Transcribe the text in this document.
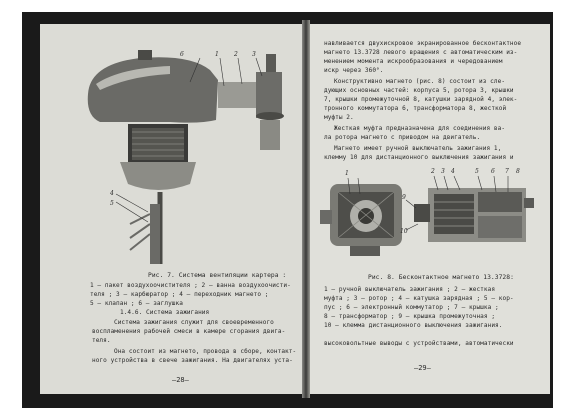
6	1	2 3
4
5
Рис. 7. Система вентиляции картера :
1 – пакет воздухоочистителя ; 2 – ванна воздухоочисти-
теля ; 3 – карбюратор ; 4 – переходник магнето ;
5 – клапан ; 6 – заглушка
1.4.6. Система зажигания
Система зажигания служит для своевременного
воспламенения рабочей смеси в камере сгорания двига-
теля.
Она состоит из магнето, провода в сборе, контакт-
ного устройства в свече зажигания. На двигателях уста-
–28–
навливается двухискровое экранированное бесконтактное
магнето 13.3728 левого вращения с автоматическим из-
менением момента искрообразования и чередованием
искр через 360°.
Конструктивно магнето (рис. 8) состоит из сле-
дующих основных частей: корпуса 5, ротора 3, крышки
7, крышки промежуточной 8, катушки зарядной 4, элек-
тронного коммутатора 6, трансформатора 8, жесткой
муфты 2.
Жесткая муфта предназначена для соединения ва-
ла ротора магнето с приводом на двигатель.
Магнето имеет ручной выключатель зажигания 1,
клемму 10 для дистанционного выключения зажигания и
1	2 3 4	5 6 7 8
9
10
Рис. 8. Бесконтактное магнето 13.3728:
1 – ручной выключатель зажигания ; 2 – жесткая
муфта ; 3 – ротор ; 4 – катушка зарядная ; 5 – кор-
пус ; 6 – электронный коммутатор ; 7 – крышка ;
8 – трансформатор ; 9 – крышка промежуточная ;
10 – клемма дистанционного выключения зажигания.
высоковольтные выводы с устройствами, автоматически
–29–
